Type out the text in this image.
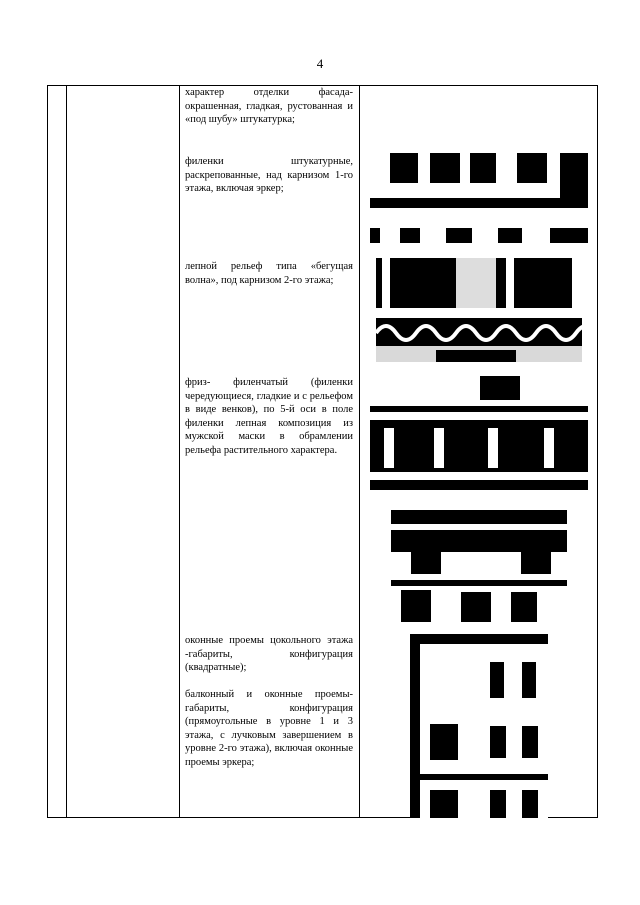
4

характер отделки фасада- окрашенная, гладкая, рустованная и «под шубу» штукатурка;

филенки штукатурные, раскрепованные, над карнизом 1-го этажа, включая эркер;

лепной рельеф типа «бегущая волна», под карнизом 2-го этажа;

фриз- филенчатый (филенки чередующиеся, гладкие и с рельефом в виде венков), по 5-й оси в поле филенки лепная композиция из мужской маски в обрамлении рельефа растительного характера.

оконные проемы цокольного этажа -габариты, конфигурация (квадратные);

балконный и оконные проемы- габариты, конфигурация (прямоугольные в уровне 1 и 3 этажа, с лучковым завершением в уровне 2-го этажа), включая оконные проемы эркера;
